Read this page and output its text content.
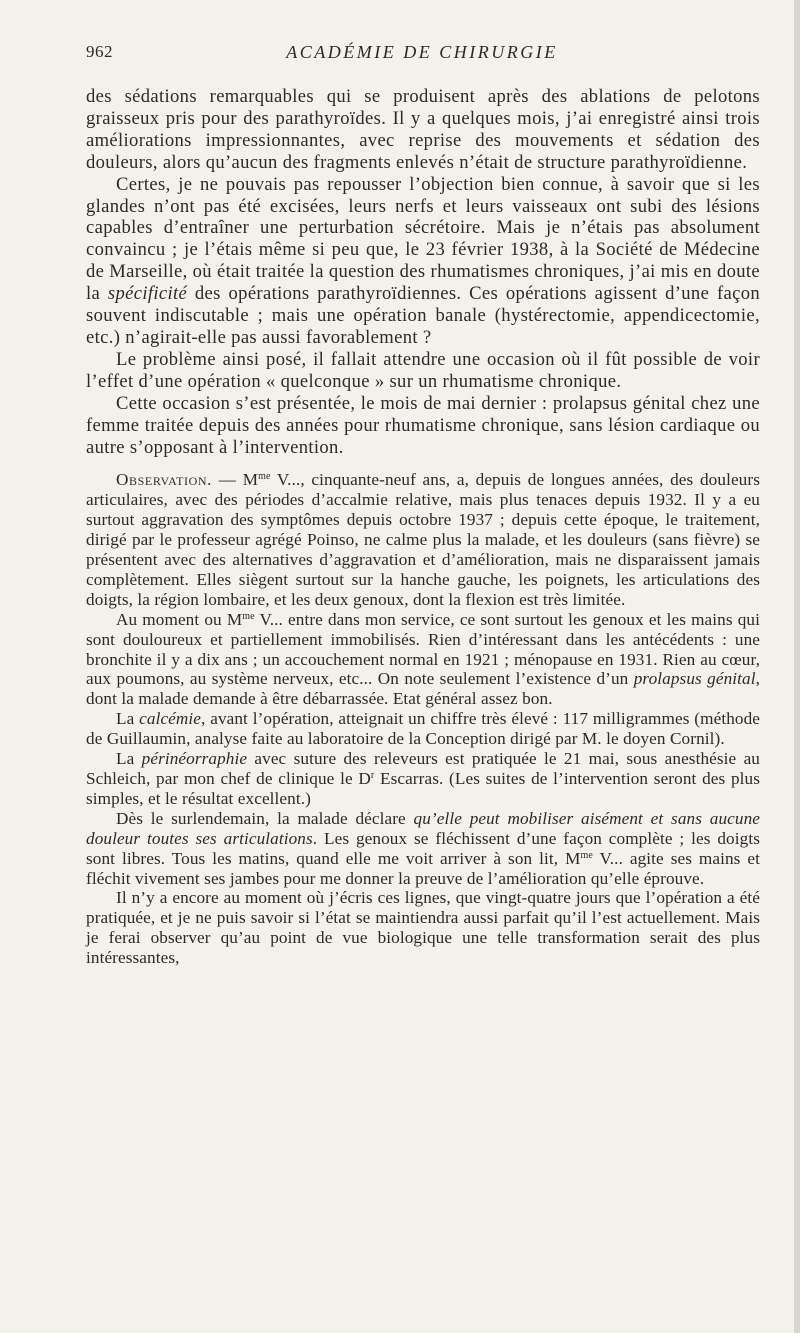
962	ACADÉMIE DE CHIRURGIE

des sédations remarquables qui se produisent après des ablations de pelotons graisseux pris pour des parathyroïdes. Il y a quelques mois, j’ai enregistré ainsi trois améliorations impressionnantes, avec reprise des mouvements et sédation des douleurs, alors qu’aucun des fragments enlevés n’était de structure parathyroïdienne.

Certes, je ne pouvais pas repousser l’objection bien connue, à savoir que si les glandes n’ont pas été excisées, leurs nerfs et leurs vaisseaux ont subi des lésions capables d’entraîner une perturbation sécrétoire. Mais je n’étais pas absolument convaincu ; je l’étais même si peu que, le 23 février 1938, à la Société de Médecine de Marseille, où était traitée la question des rhumatismes chroniques, j’ai mis en doute la spécificité des opérations parathyroïdiennes. Ces opérations agissent d’une façon souvent indiscutable ; mais une opération banale (hystérectomie, appendicectomie, etc.) n’agirait-elle pas aussi favorablement ?

Le problème ainsi posé, il fallait attendre une occasion où il fût possible de voir l’effet d’une opération « quelconque » sur un rhumatisme chronique.

Cette occasion s’est présentée, le mois de mai dernier : prolapsus génital chez une femme traitée depuis des années pour rhumatisme chronique, sans lésion cardiaque ou autre s’opposant à l’intervention.

Observation. — $M^{me}$ V..., cinquante-neuf ans, a, depuis de longues années, des douleurs articulaires, avec des périodes d’accalmie relative, mais plus tenaces depuis 1932. Il y a eu surtout aggravation des symptômes depuis octobre 1937 ; depuis cette époque, le traitement, dirigé par le professeur agrégé Poinso, ne calme plus la malade, et les douleurs (sans fièvre) se présentent avec des alternatives d’aggravation et d’amélioration, mais ne disparaissent jamais complètement. Elles siègent surtout sur la hanche gauche, les poignets, les articulations des doigts, la région lombaire, et les deux genoux, dont la flexion est très limitée.

Au moment ou $M^{me}$ V... entre dans mon service, ce sont surtout les genoux et les mains qui sont douloureux et partiellement immobilisés. Rien d’intéressant dans les antécédents : une bronchite il y a dix ans ; un accouchement normal en 1921 ; ménopause en 1931. Rien au cœur, aux poumons, au système nerveux, etc... On note seulement l’existence d’un prolapsus génital, dont la malade demande à être débarrassée. Etat général assez bon.

La calcémie, avant l’opération, atteignait un chiffre très élevé : 117 milligrammes (méthode de Guillaumin, analyse faite au laboratoire de la Conception dirigé par M. le doyen Cornil).

La périnéorraphie avec suture des releveurs est pratiquée le 21 mai, sous anesthésie au Schleich, par mon chef de clinique le $D^r$ Escarras. (Les suites de l’intervention seront des plus simples, et le résultat excellent.)

Dès le surlendemain, la malade déclare qu’elle peut mobiliser aisément et sans aucune douleur toutes ses articulations. Les genoux se fléchissent d’une façon complète ; les doigts sont libres. Tous les matins, quand elle me voit arriver à son lit, $M^{me}$ V... agite ses mains et fléchit vivement ses jambes pour me donner la preuve de l’amélioration qu’elle éprouve.

Il n’y a encore au moment où j’écris ces lignes, que vingt-quatre jours que l’opération a été pratiquée, et je ne puis savoir si l’état se maintiendra aussi parfait qu’il l’est actuellement. Mais je ferai observer qu’au point de vue biologique une telle transformation serait des plus intéressantes,
